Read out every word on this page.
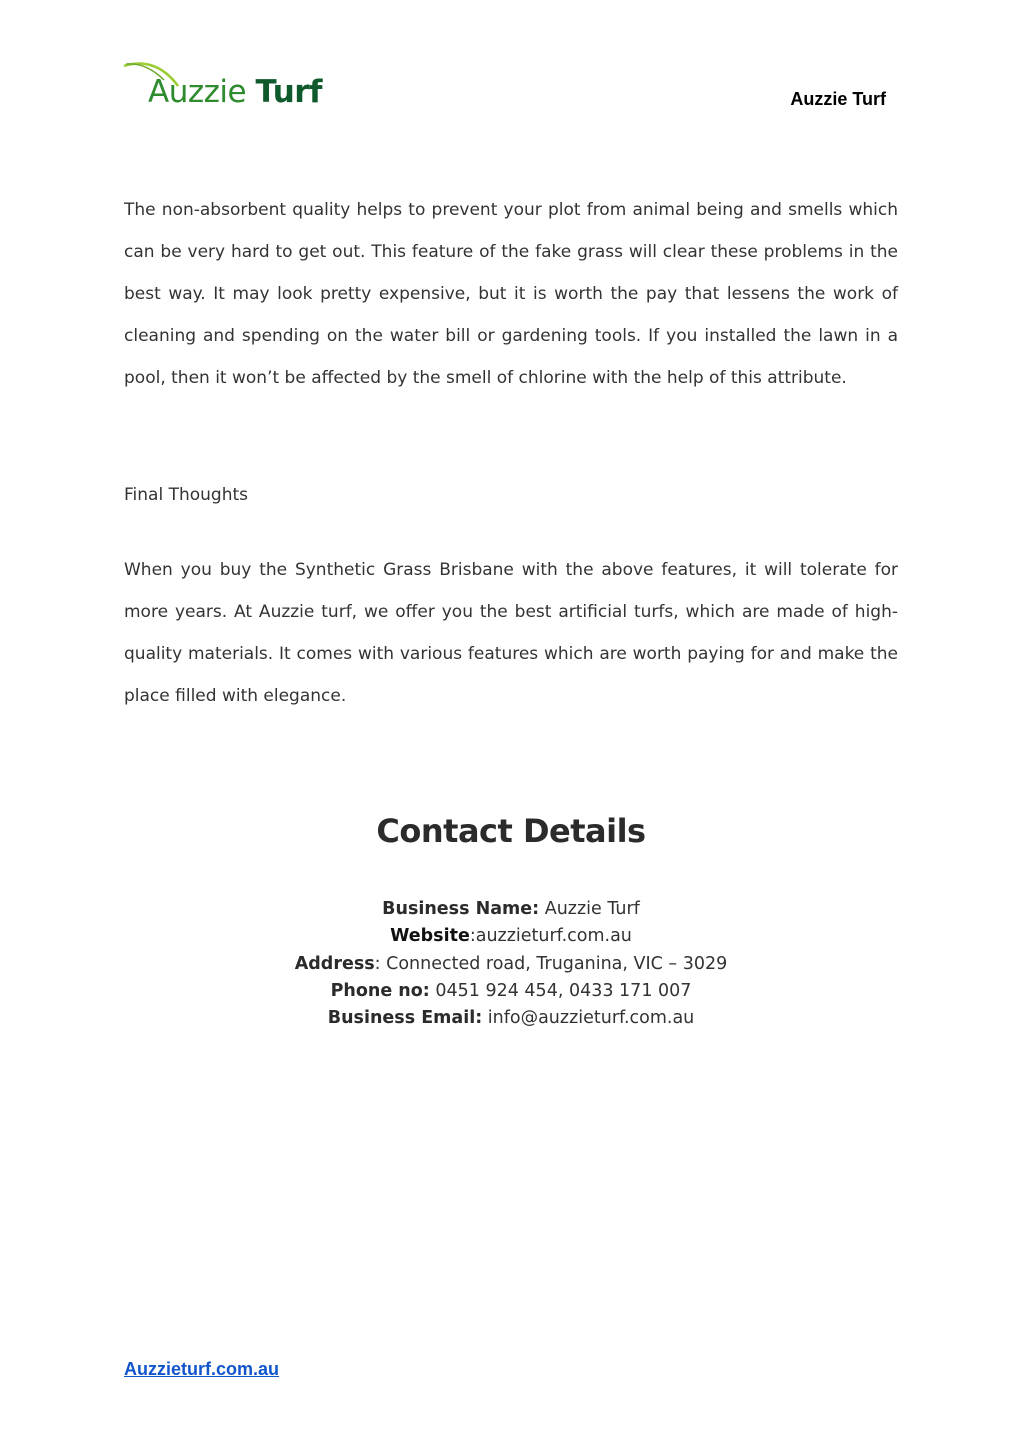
Auzzie Turf	Auzzie Turf

The non-absorbent quality helps to prevent your plot from animal being and smells which can be very hard to get out. This feature of the fake grass will clear these problems in the best way. It may look pretty expensive, but it is worth the pay that lessens the work of cleaning and spending on the water bill or gardening tools. If you installed the lawn in a pool, then it won’t be affected by the smell of chlorine with the help of this attribute.

Final Thoughts

When you buy the Synthetic Grass Brisbane with the above features, it will tolerate for more years. At Auzzie turf, we offer you the best artificial turfs, which are made of high-quality materials. It comes with various features which are worth paying for and make the place filled with elegance.

Contact Details
Business Name: Auzzie Turf
Website:auzzieturf.com.au
Address: Connected road, Truganina, VIC – 3029
Phone no: 0451 924 454, 0433 171 007
Business Email: info@auzzieturf.com.au
Auzzieturf.com.au
